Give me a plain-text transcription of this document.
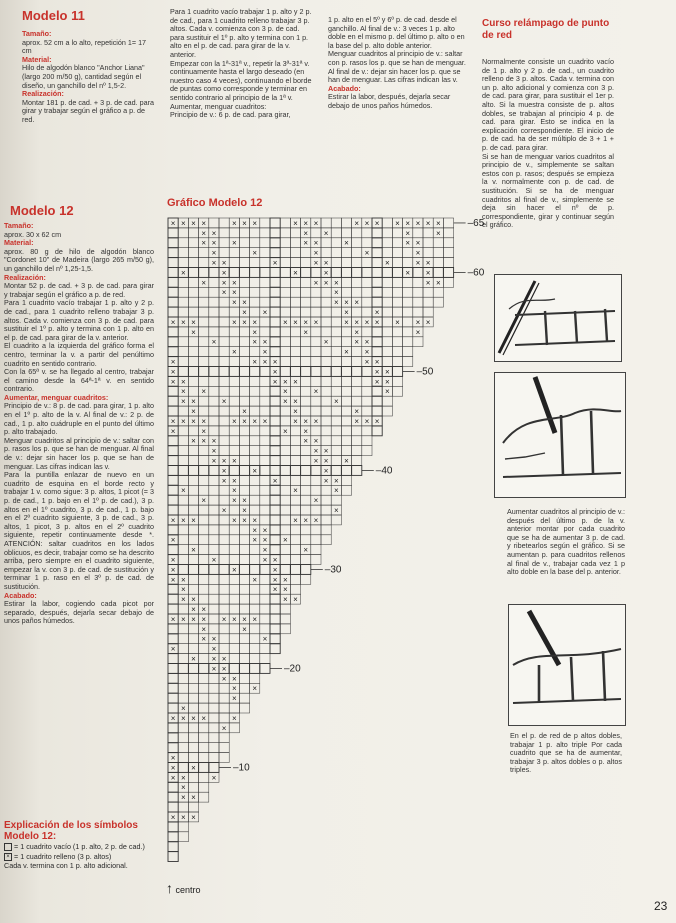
Modelo 11

Tamaño:

aprox. 52 cm a lo alto, repetición 1= 17 cm

Material:

Hilo de algodón blanco "Anchor Liana" (largo 200 m/50 g), cantidad según el diseño, un ganchillo del nº 1,5-2.

Realización:

Montar 181 p. de cad. + 3 p. de cad. para girar y trabajar según el gráfico a p. de red.

Para 1 cuadrito vacío trabajar 1 p. alto y 2 p. de cad., para 1 cuadrito relleno trabajar 3 p. altos. Cada v. comienza con 3 p. de cad. para sustituir el 1º p. alto y termina con 1 p. alto en el p. de cad. para girar de la v. anterior.

Empezar con la 1ª-31ª v., repetir la 3ª-31ª v. continuamente hasta el largo deseado (en nuestro caso 4 veces), continuando el borde de puntas como corresponde y terminar en sentido contrario al principio de la 1ª v.

Aumentar, menguar cuadritos:

Principio de v.: 6 p. de cad. para girar,

1 p. alto en el 5º y 6º p. de cad. desde el ganchillo. Al final de v.: 3 veces 1 p. alto doble en el mismo p. del último p. alto o en la base del p. alto doble anterior.

Menguar cuadritos al principio de v.: saltar con p. rasos los p. que se han de menguar. Al final de v.: dejar sin hacer los p. que se han de menguar. Las cifras indican las v.

Acabado:

Estirar la labor, después, dejarla secar debajo de unos paños húmedos.

Curso relámpago de punto de red

Normalmente consiste un cuadrito vacío de 1 p. alto y 2 p. de cad., un cuadrito relleno de 3 p. altos. Cada v. termina con un p. alto adicional y comienza con 3 p. de cad. para girar, para sustituir el 1er p. alto. Si la muestra consiste de p. altos dobles, se trabajan al principio 4 p. de cad. para girar. Esto se indica en la explicación correspondiente. El inicio de p. de cad. ha de ser múltiplo de 3 + 1 + p. de cad. para girar.

Si se han de menguar varios cuadritos al principio de v., simplemente se saltan estos con p. rasos; después se empieza la v. normalmente con p. de cad. de sustitución. Si se ha de menguar cuadritos al final de v., simplemente se deja sin hacer el nº de p. correspondiente, girar y continuar según el gráfico.

Aumentar cuadritos al principio de v.: después del último p. de la v. anterior montar por cada cuadrito que se ha de aumentar 3 p. de cad. y ribetearlos según el gráfico. Si se aumentan p. para cuadritos rellenos al final de v., trabajar cada vez 1 p alto doble en la base del p. anterior.
En el p. de red de p altos dobles, trabajar 1 p. alto triple Por cada cuadrito que se ha de aumentar, trabajar 3 p. altos dobles o p. altos triples.
Modelo 12

Tamaño:

aprox. 30 x 62 cm

Material:

aprox. 80 g de hilo de algodón blanco "Cordonet 10" de Madeira (largo 265 m/50 g), un ganchillo del nº 1,25-1,5.

Realización:

Montar 52 p. de cad. + 3 p. de cad. para girar y trabajar según el gráfico a p. de red.

Para 1 cuadrito vacío trabajar 1 p. alto y 2 p. de cad., para 1 cuadrito relleno trabajar 3 p. altos. Cada v. comienza con 3 p. de cad. para sustituir el 1º p. alto y termina con 1 p. alto en el p. de cad. para girar de la v. anterior.

El cuadrito a la izquierda del gráfico forma el centro, terminar la v. a partir del penúltimo cuadrito en sentido contrario.

Con la 65ª v. se ha llegado al centro, trabajar el camino desde la 64ª-1ª v. en sentido contrario.

Aumentar, menguar cuadritos:

Principio de v.: 8 p. de cad. para girar, 1 p. alto en el 1º p. alto de la v. Al final de v.: 2 p. de cad., 1 p. alto cuádruple en el punto del último p. alto trabajado.

Menguar cuadritos al principio de v.: saltar con p. rasos los p. que se han de menguar. Al final de v.: dejar sin hacer los p. que se han de menguar. Las cifras indican las v.

Para la puntilla enlazar de nuevo en un cuadrito de esquina en el borde recto y trabajar 1 v. como sigue: 3 p. altos, 1 picot (= 3 p. de cad., 1 p. bajo en el 1º p. de cad.), 3 p. altos en el 1º cuadrito, 3 p. de cad., 1 p. bajo en el 2º cuadrito siguiente, 3 p. de cad., 3 p. altos, 1 picot, 3 p. altos en el 2º cuadrito siguiente, repetir continuamente desde *. ATENCIÓN: saltar cuadritos en los lados oblicuos, es decir, trabajar como se ha descrito arriba, pero siempre en el cuadrito siguiente, empezar la v. con 3 p. de cad. de sustitución y terminar 1 p. raso en el 3º p. de cad. de sustitución.

Acabado:

Estirar la labor, cogiendo cada picot por separado, después, dejarla secar debajo de unos paños húmedos.

Explicación de los símbolos Modelo 12:
= 1 cuadrito vacío (1 p. alto, 2 p. de cad.)
× = 1 cuadrito relleno (3 p. altos)
Cada v. termina con 1 p. alto adicional.
Gráfico Modelo 12
× × ×
× ×
×
× ×	×
× ×
×
×
× × × ×	×
×
×
× ×
× ×
× ×
× × ×
×	×
× ×	×
×	×
× × × × × × × ×
× ×
× ×	× ×
×	× ×
× ×	× × ×
×	×	×
×	×	× ×
×	×	×
×	× × ×
× ×
× × ×	× × ×	× × ×
× ×	×
×	× ×	×
×	×	×	×
× ×	×	× ×
×	×	×
× × ×	× × ×
×	× ×
× × ×	× ×
×	×	× ×
× × × ×	× × × ×	× × ×	× × ×
×	×	×	×
× ×	×	× ×	×
× ×	×	×	×
× ×	× × ×	× ×
×	×	× ×
×	× × ×	× ×
×	×	× ×
×	× ×	×	× ×
×	×	×	×	×
× × ×	× × ×	× × × ×	× × × × × × ×
× ×	×	×
× ×	× × ×
× ×	×
× × ×	× × ×	× ×
×	×	×	×	× ×
× ×	×	× ×	×	× ×
×	×	×	×	×
× × ×	× ×	×	× ×
× ×	× ×	×	×
× × × ×	× × ×	× × ×	× × × × × × × ×	–65
–60
–50
–40
–30
–20
–10
↑ centro
23
